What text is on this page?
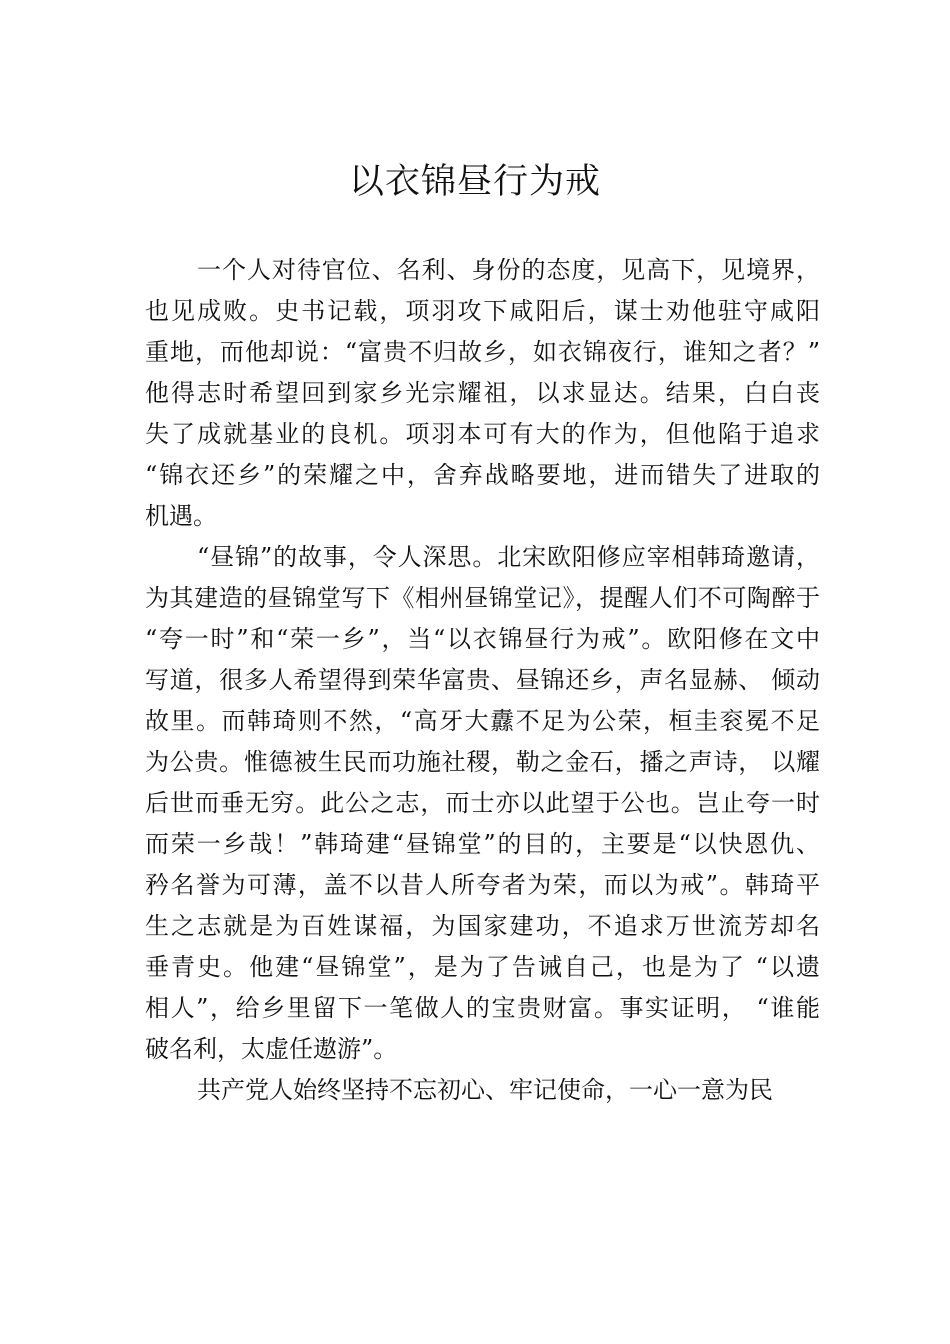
以衣锦昼行为戒
一个人对待官位、名利、身份的态度，见高下，见境界，
也见成败。史书记载，项羽攻下咸阳后，谋士劝他驻守咸阳
重地，而他却说：“富贵不归故乡，如衣锦夜行，谁知之者？”
他得志时希望回到家乡光宗耀祖，以求显达。结果，白白丧
失了成就基业的良机。项羽本可有大的作为，但他陷于追求
“锦衣还乡”的荣耀之中，舍弃战略要地，进而错失了进取的
机遇。
“昼锦”的故事，令人深思。北宋欧阳修应宰相韩琦邀请，
为其建造的昼锦堂写下《相州昼锦堂记》，提醒人们不可陶醉于
“夸一时”和“荣一乡”，当“以衣锦昼行为戒”。欧阳修在文中
写道，很多人希望得到荣华富贵、昼锦还乡，声名显赫、 倾动
故里。而韩琦则不然，“高牙大纛不足为公荣，桓圭衮冕不足
为公贵。惟德被生民而功施社稷，勒之金石，播之声诗， 以耀
后世而垂无穷。此公之志，而士亦以此望于公也。岂止夸一时
而荣一乡哉！”韩琦建“昼锦堂”的目的，主要是“以快恩仇、
矜名誉为可薄，盖不以昔人所夸者为荣，而以为戒”。韩琦平
生之志就是为百姓谋福，为国家建功，不追求万世流芳却名
垂青史。他建“昼锦堂”，是为了告诫自己，也是为了 “以遗
相人”，给乡里留下一笔做人的宝贵财富。事实证明， “谁能
破名利，太虚任遨游”。
共产党人始终坚持不忘初心、牢记使命，一心一意为民
